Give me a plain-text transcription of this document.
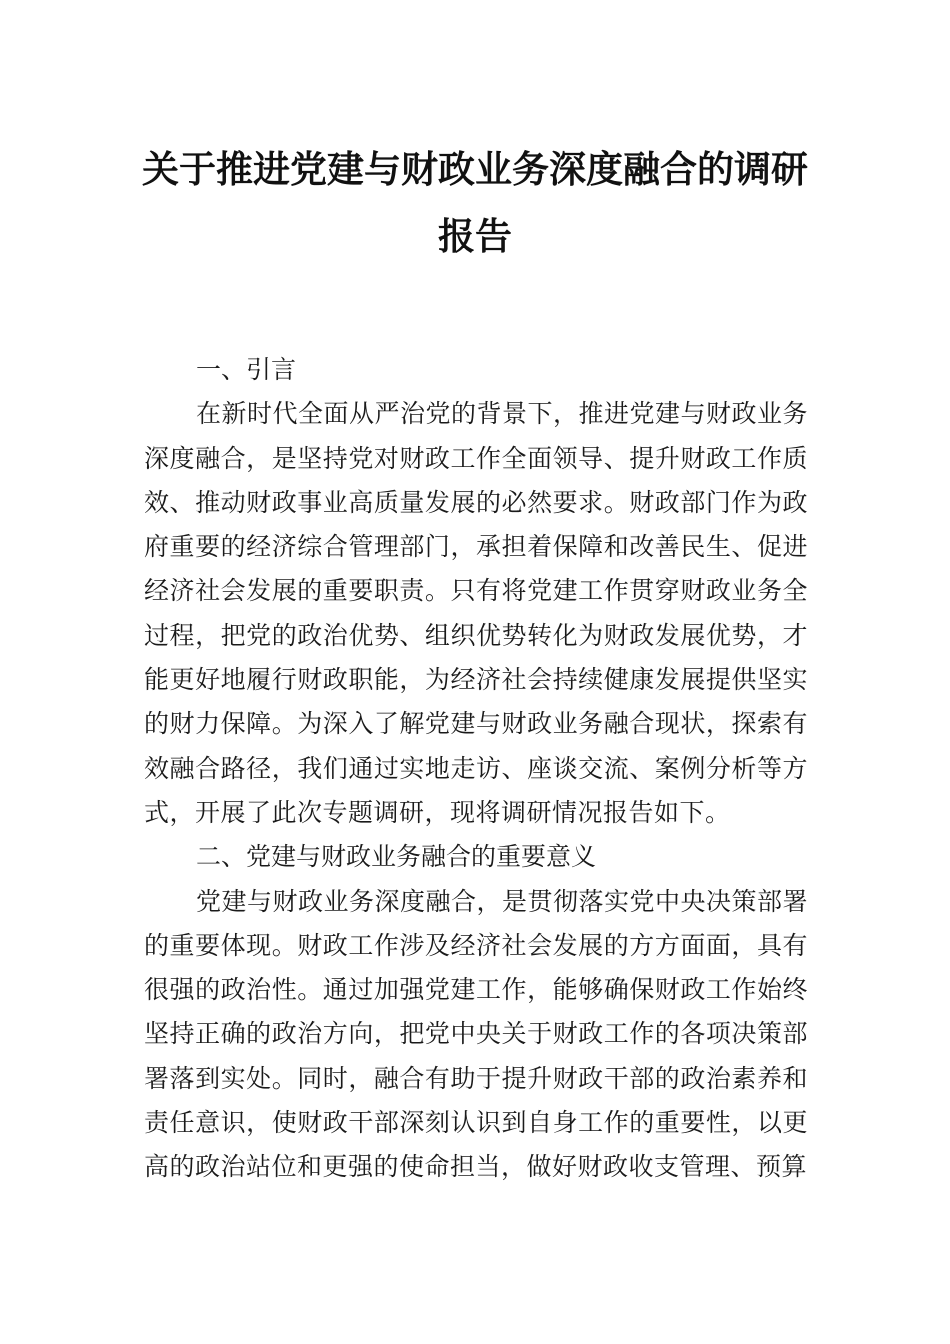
关于推进党建与财政业务深度融合的调研
报告

一、引言

在新时代全面从严治党的背景下，推进党建与财政业务深度融合，是坚持党对财政工作全面领导、提升财政工作质效、推动财政事业高质量发展的必然要求。财政部门作为政府重要的经济综合管理部门，承担着保障和改善民生、促进经济社会发展的重要职责。只有将党建工作贯穿财政业务全过程，把党的政治优势、组织优势转化为财政发展优势，才能更好地履行财政职能，为经济社会持续健康发展提供坚实的财力保障。为深入了解党建与财政业务融合现状，探索有效融合路径，我们通过实地走访、座谈交流、案例分析等方式，开展了此次专题调研，现将调研情况报告如下。

二、党建与财政业务融合的重要意义

党建与财政业务深度融合，是贯彻落实党中央决策部署的重要体现。财政工作涉及经济社会发展的方方面面，具有很强的政治性。通过加强党建工作，能够确保财政工作始终坚持正确的政治方向，把党中央关于财政工作的各项决策部署落到实处。同时，融合有助于提升财政干部的政治素养和责任意识，使财政干部深刻认识到自身工作的重要性，以更高的政治站位和更强的使命担当，做好财政收支管理、预算
